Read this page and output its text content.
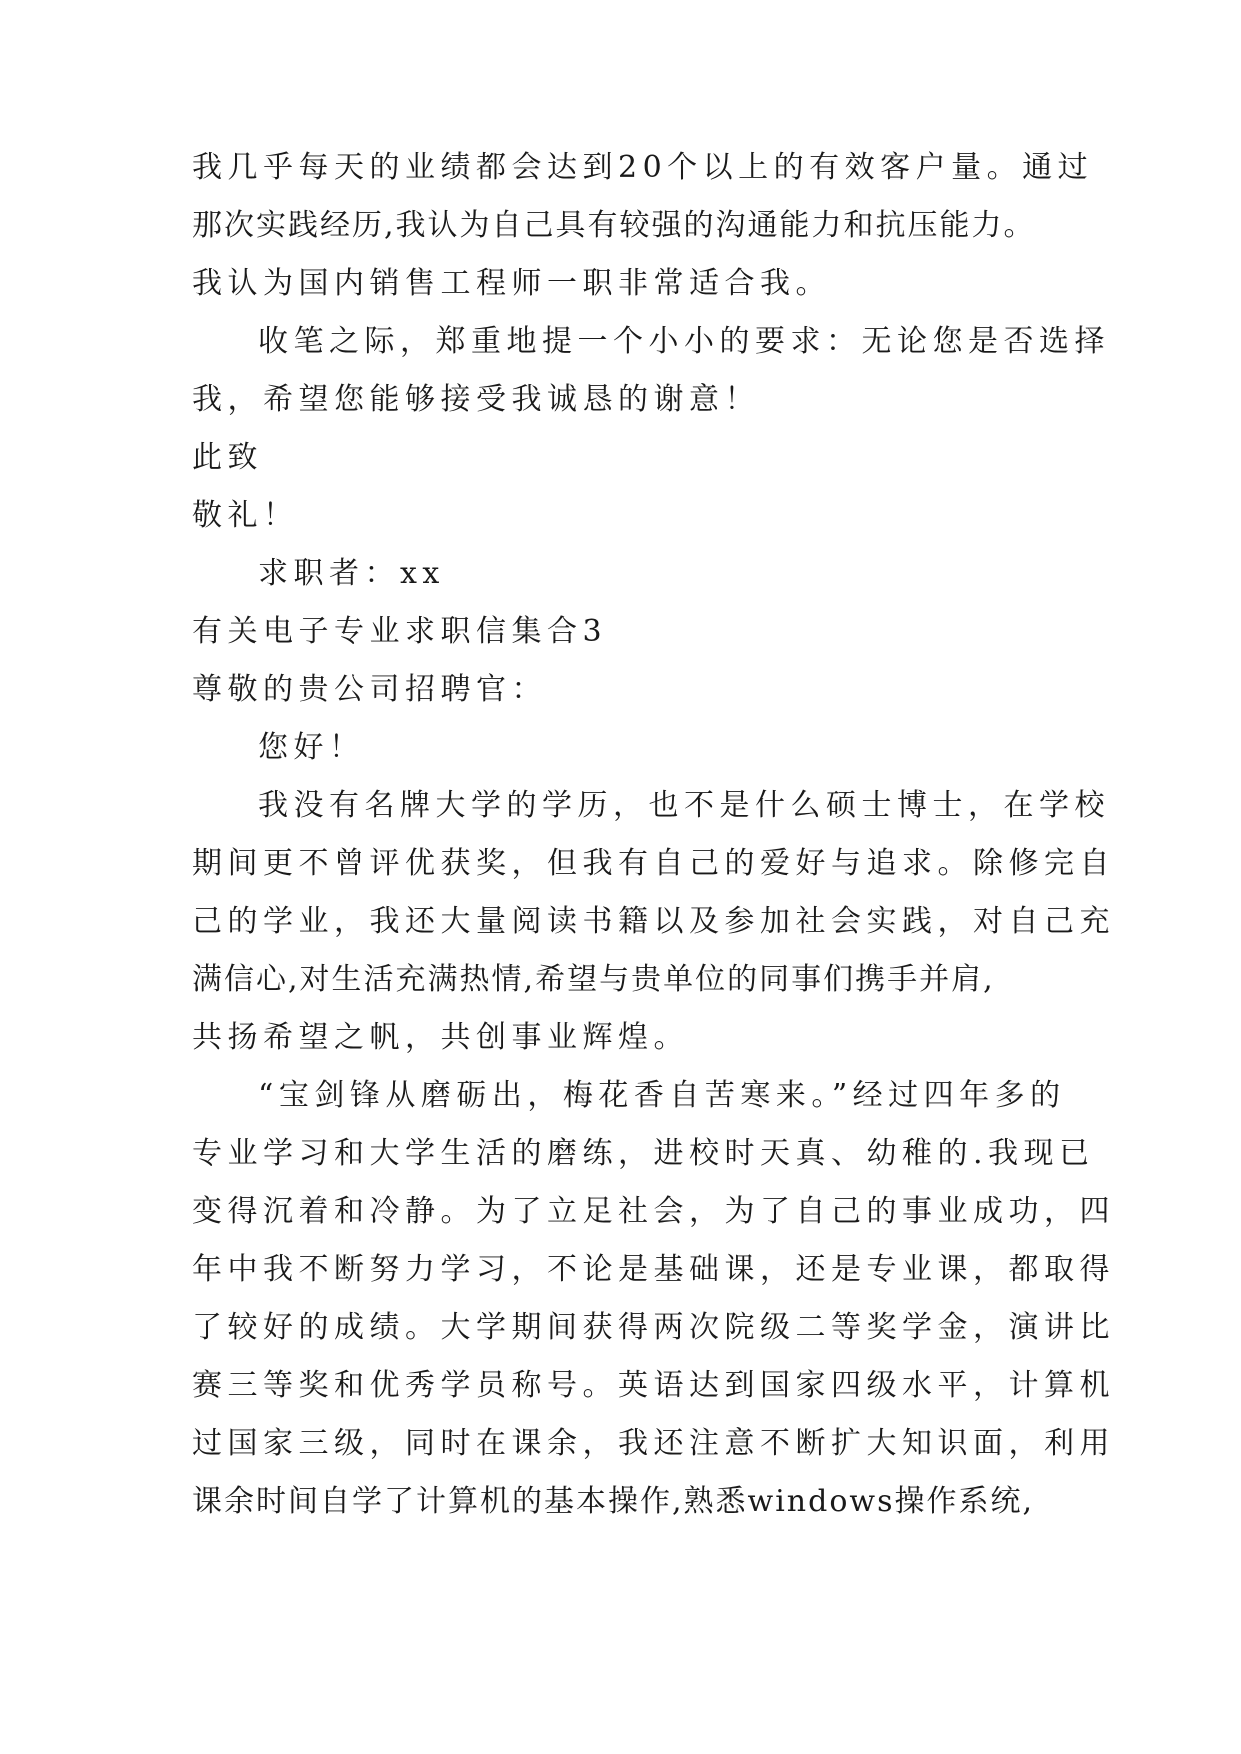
我几乎每天的业绩都会达到20个以上的有效客户量。通过
那次实践经历,我认为自己具有较强的沟通能力和抗压能力。
我认为国内销售工程师一职非常适合我。
收笔之际，郑重地提一个小小的要求：无论您是否选择
我，希望您能够接受我诚恳的谢意！
此致
敬礼！
求职者：xx
有关电子专业求职信集合3
尊敬的贵公司招聘官：
您好！
我没有名牌大学的学历，也不是什么硕士博士，在学校
期间更不曾评优获奖，但我有自己的爱好与追求。除修完自
己的学业，我还大量阅读书籍以及参加社会实践，对自己充
满信心,对生活充满热情,希望与贵单位的同事们携手并肩,
共扬希望之帆，共创事业辉煌。
“宝剑锋从磨砺出，梅花香自苦寒来。”经过四年多的
专业学习和大学生活的磨练，进校时天真、幼稚的.我现已
变得沉着和冷静。为了立足社会，为了自己的事业成功，四
年中我不断努力学习，不论是基础课，还是专业课，都取得
了较好的成绩。大学期间获得两次院级二等奖学金，演讲比
赛三等奖和优秀学员称号。英语达到国家四级水平，计算机
过国家三级，同时在课余，我还注意不断扩大知识面，利用
课余时间自学了计算机的基本操作,熟悉windows操作系统,
